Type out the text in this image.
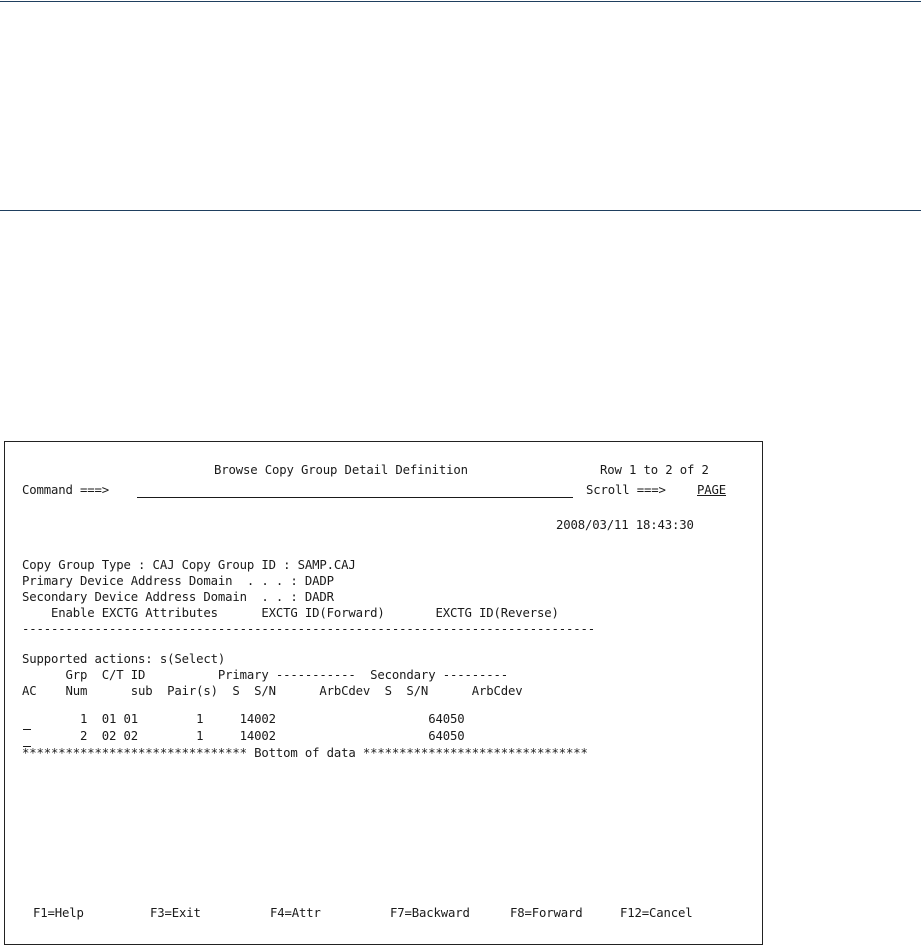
Browse Copy Group Detail Definition	Row 1 to 2 of 2
Command ===>	Scroll ===>	PAGE
2008/03/11 18:43:30
Copy Group Type : CAJ Copy Group ID : SAMP.CAJ
Primary Device Address Domain  . . . : DADP
Secondary Device Address Domain  . . : DADR
Enable EXCTG Attributes      EXCTG ID(Forward)       EXCTG ID(Reverse)
-------------------------------------------------------------------------------
Supported actions: s(Select)
Grp  C/T ID          Primary -----------  Secondary ---------
AC    Num      sub  Pair(s)  S  S/N      ArbCdev  S  S/N      ArbCdev
1  01 01        1     14002                     64050
2  02 02        1     14002                     64050
******************************* Bottom of data *******************************
F1=Help	F3=Exit	F4=Attr	F7=Backward	F8=Forward	F12=Cancel
